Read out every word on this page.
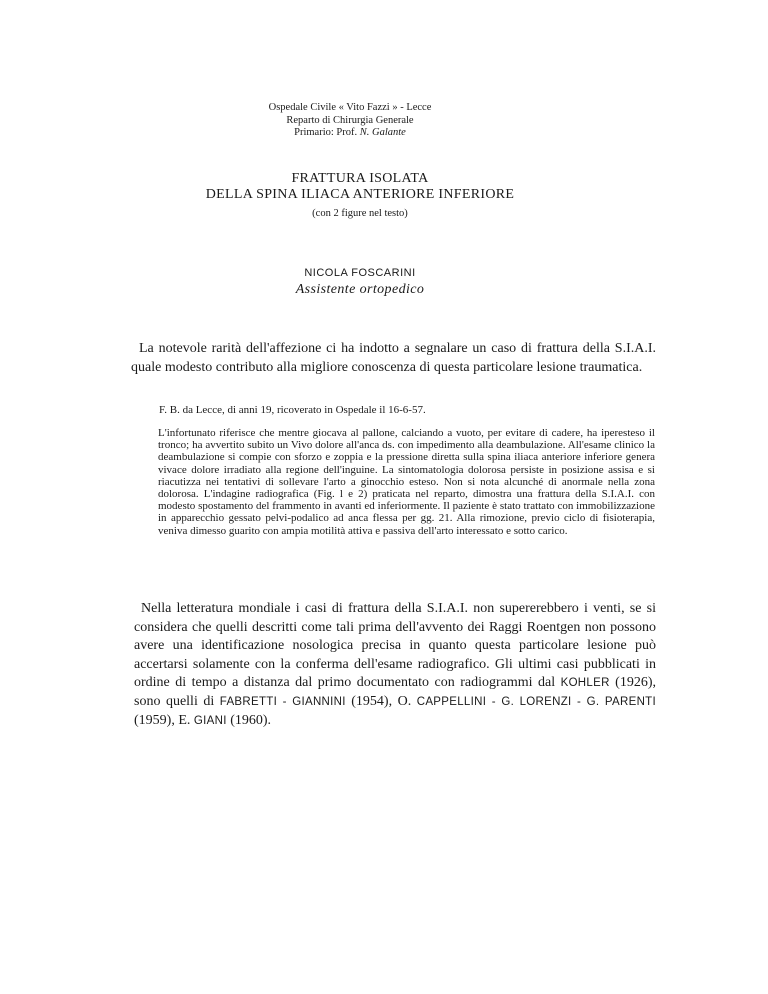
Ospedale Civile « Vito Fazzi » - Lecce
Reparto di Chirurgia Generale
Primario: Prof. N. Galante
FRATTURA ISOLATA
DELLA SPINA ILIACA ANTERIORE INFERIORE
(con 2 figure nel testo)
NICOLA FOSCARINI
Assistente ortopedico

La notevole rarità dell'affezione ci ha indotto a segnalare un caso di frattura della S.I.A.I. quale modesto contributo alla migliore conoscenza di questa particolare lesione traumatica.

F. B. da Lecce, di anni 19, ricoverato in Ospedale il 16-6-57.

L'infortunato riferisce che mentre giocava al pallone, calciando a vuoto, per evitare di cadere, ha iperesteso il tronco; ha avvertito subito un Vivo dolore all'anca ds. con impedimento alla deambulazione. All'esame clinico la deambulazione si compie con sforzo e zoppia e la pressione diretta sulla spina iliaca anteriore inferiore genera vivace dolore irradiato alla regione dell'inguine. La sintomatologia dolorosa persiste in posizione assisa e si riacutizza nei tentativi di sollevare l'arto a ginocchio esteso. Non si nota alcunché di anormale nella zona dolorosa. L'indagine radiografica (Fig. l e 2) praticata nel reparto, dimostra una frattura della S.I.A.I. con modesto spostamento del frammento in avanti ed inferiormente. Il paziente è stato trattato con immobilizzazione in apparecchio gessato pelvi-podalico ad anca flessa per gg. 21. Alla rimozione, previo ciclo di fisioterapia, veniva dimesso guarito con ampia motilità attiva e passiva dell'arto interessato e sotto carico.

Nella letteratura mondiale i casi di frattura della S.I.A.I. non supererebbero i venti, se si considera che quelli descritti come tali prima dell'avvento dei Raggi Roentgen non possono avere una identificazione nosologica precisa in quanto questa particolare lesione può accertarsi solamente con la conferma dell'esame radiografico. Gli ultimi casi pubblicati in ordine di tempo a distanza dal primo documentato con radiogrammi dal KOHLER (1926), sono quelli di FABRETTI - GIANNINI (1954), O. CAPPELLINI - G. LORENZI - G. PARENTI (1959), E. GIANI (1960).
